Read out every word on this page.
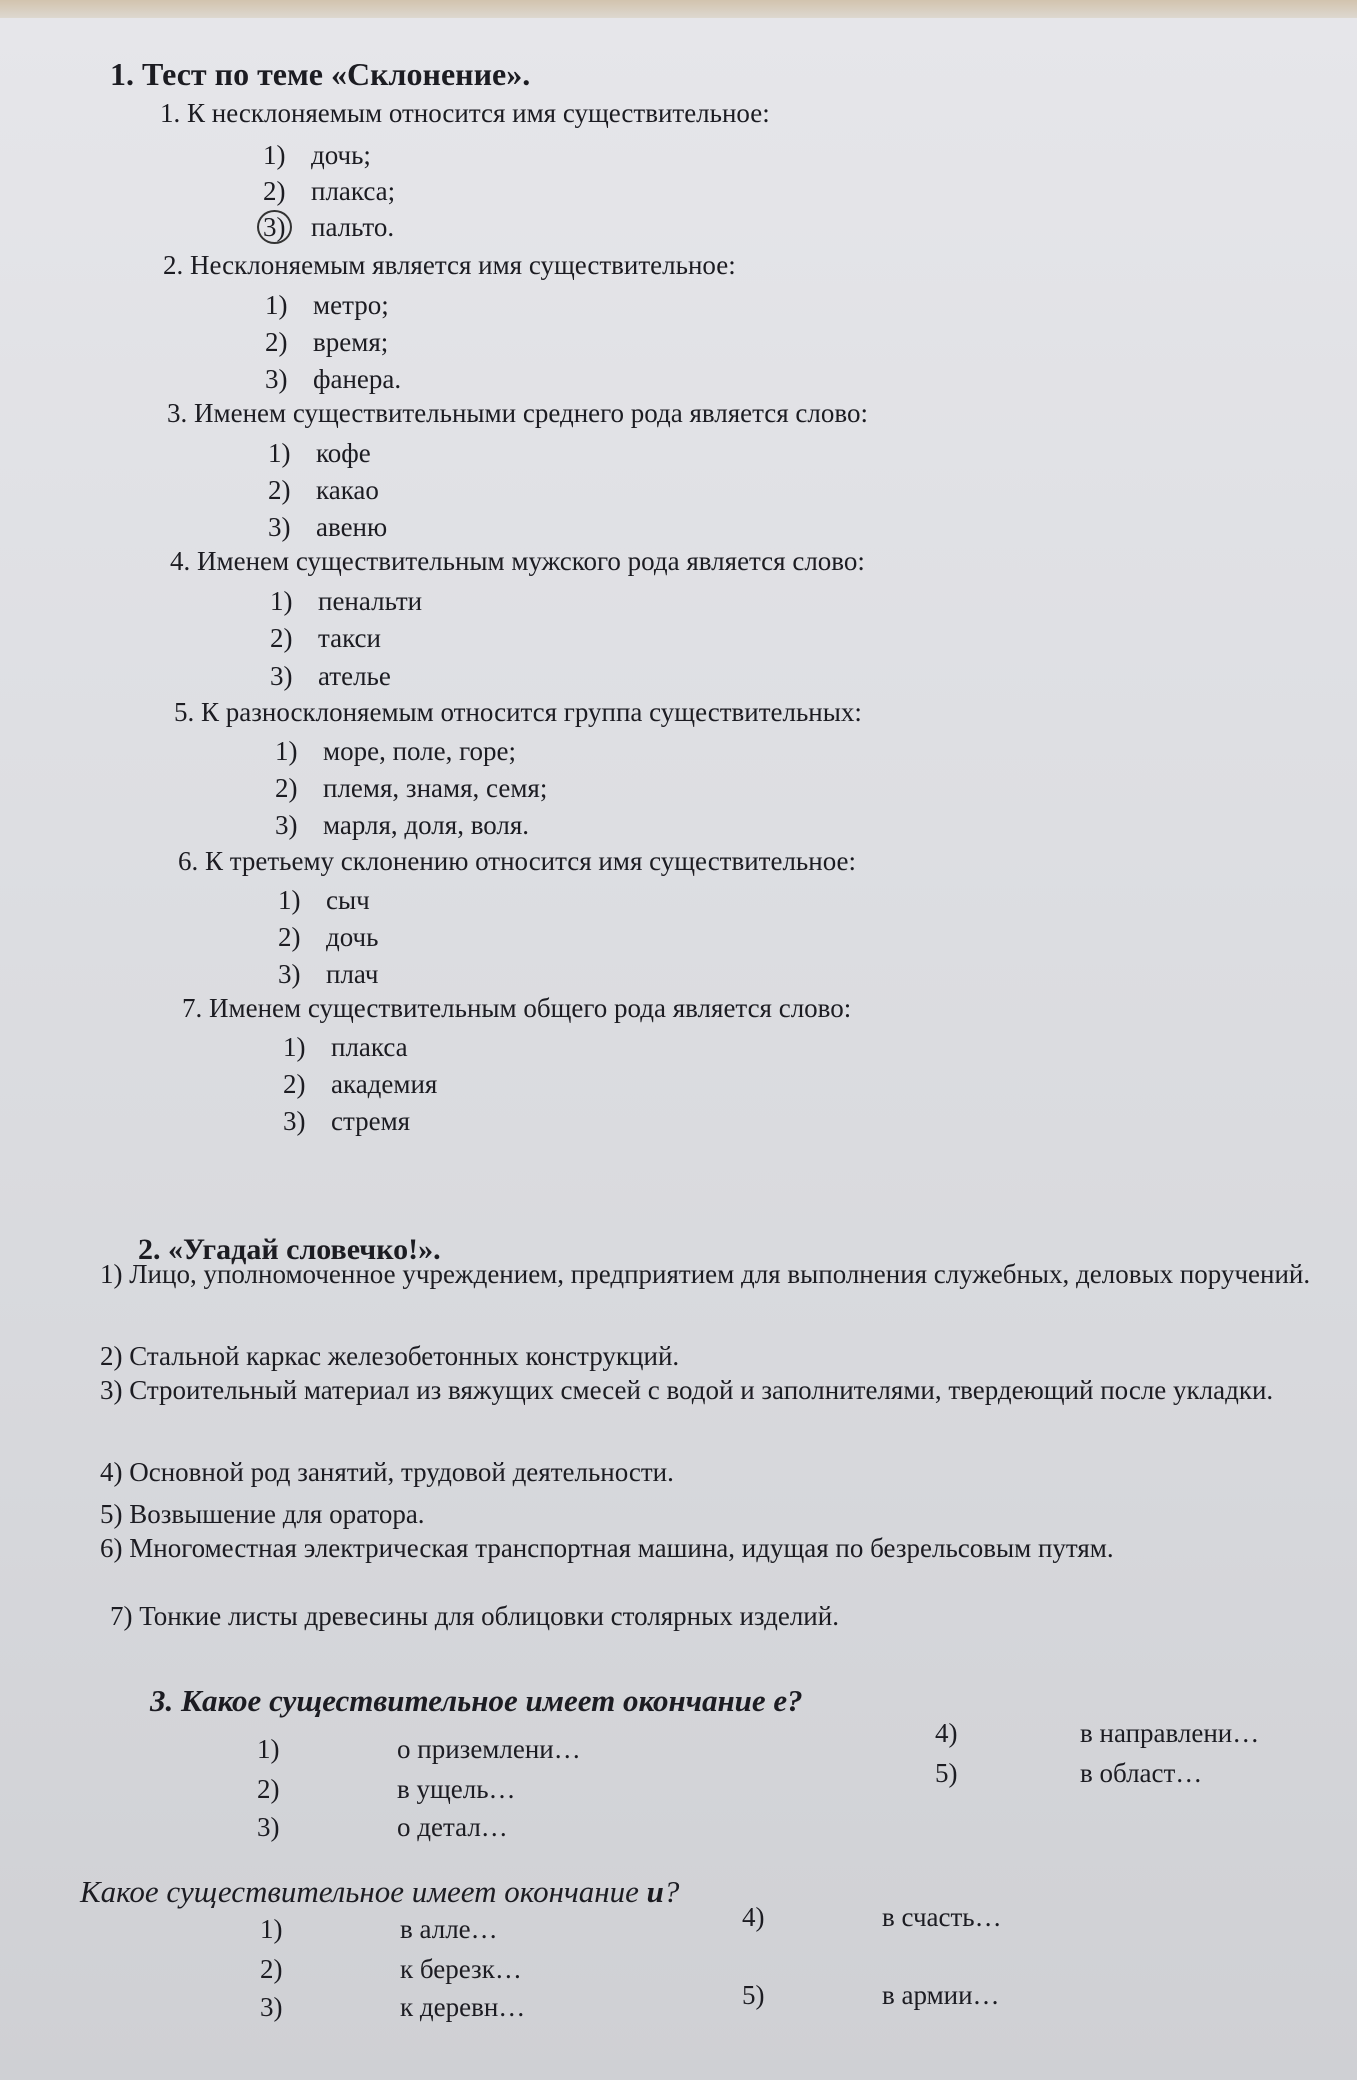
1. Тест по теме «Склонение».
1. К несклоняемым относится имя существительное:
1) дочь;
2) плакса;
3) пальто.
2. Несклоняемым является имя существительное:
1) метро;
2) время;
3) фанера.
3. Именем существительными среднего рода является слово:
1) кофе
2) какао
3) авеню
4. Именем существительным мужского рода является слово:
1) пенальти
2) такси
3) ателье
5. К разносклоняемым относится группа существительных:
1) море, поле, горе;
2) племя, знамя, семя;
3) марля, доля, воля.
6. К третьему склонению относится имя существительное:
1) сыч
2) дочь
3) плач
7. Именем существительным общего рода является слово:
1) плакса
2) академия
3) стремя
2. «Угадай словечко!».
1) Лицо, уполномоченное учреждением, предприятием для выполнения служебных, деловых поручений.
2) Стальной каркас железобетонных конструкций.
3) Строительный материал из вяжущих смесей с водой и заполнителями, твердеющий после укладки.
4) Основной род занятий, трудовой деятельности.
5) Возвышение для оратора.
6) Многоместная электрическая транспортная машина, идущая по безрельсовым путям.
7) Тонкие листы древесины для облицовки столярных изделий.
3. Какое существительное имеет окончание е?
1)	о приземлени…
2)	в ущель…
3)	о детал…
4)	в направлени…
5)	в област…
Какое существительное имеет окончание и?
1)	в алле…
2)	к березк…
3)	к деревн…
4)	в счасть…
5)	в армии…
